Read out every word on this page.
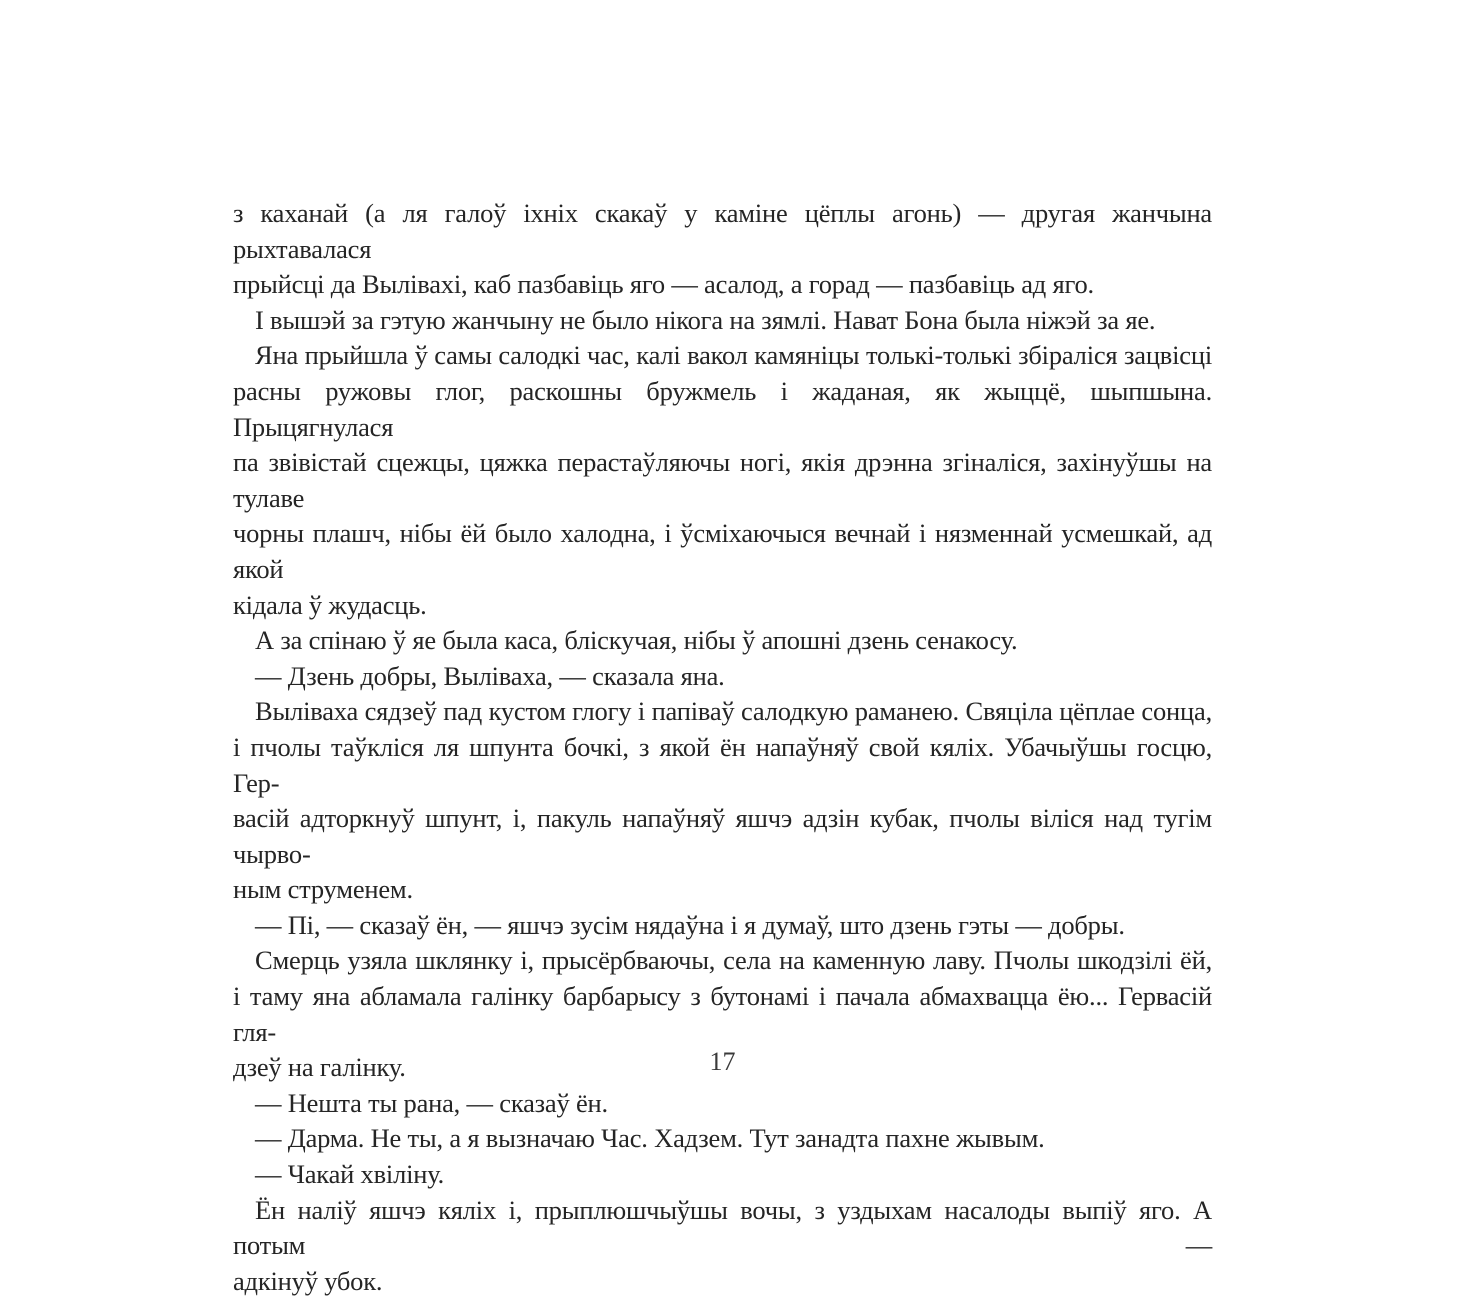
з каханай (а ля галоў іхніх скакаў у каміне цёплы агонь) — другая жанчына рыхтавалася
прыйсці да Вылівахі, каб пазбавіць яго — асалод, а горад — пазбавіць ад яго.
І вышэй за гэтую жанчыну не было нікога на зямлі. Нават Бона была ніжэй за яе.
Яна прыйшла ў самы салодкі час, калі вакол камяніцы толькі-толькі збіраліся зацвісці
расны ружовы глог, раскошны бружмель і жаданая, як жыццё, шыпшына. Прыцягнулася
па звівістай сцежцы, цяжка перастаўляючы ногі, якія дрэнна згіналіся, захінуўшы на тулаве
чорны плашч, нібы ёй было халодна, і ўсміхаючыся вечнай і нязменнай усмешкай, ад якой
кідала ў жудасць.
А за спінаю ў яе была каса, бліскучая, нібы ў апошні дзень сенакосу.
— Дзень добры, Выліваха, — сказала яна.
Выліваха сядзеў пад кустом глогу і папіваў салодкую раманею. Свяціла цёплае сонца,
і пчолы таўкліся ля шпунта бочкі, з якой ён напаўняў свой кяліх. Убачыўшы госцю, Гер-
васій адторкнуў шпунт, і, пакуль напаўняў яшчэ адзін кубак, пчолы віліся над тугім чырво-
ным струменем.
— Пі, — сказаў ён, — яшчэ зусім нядаўна і я думаў, што дзень гэты — добры.
Смерць узяла шклянку і, прысёрбваючы, села на каменную лаву. Пчолы шкодзілі ёй,
і таму яна абламала галінку барбарысу з бутонамі і пачала абмахвацца ёю... Гервасій гля-
дзеў на галінку.
— Нешта ты рана, — сказаў ён.
— Дарма. Не ты, а я вызначаю Час. Хадзем. Тут занадта пахне жывым.
— Чакай хвіліну.
Ён наліў яшчэ кяліх і, прыплюшчыўшы вочы, з уздыхам насалоды выпіў яго. А потым —
адкінуў убок.
17
